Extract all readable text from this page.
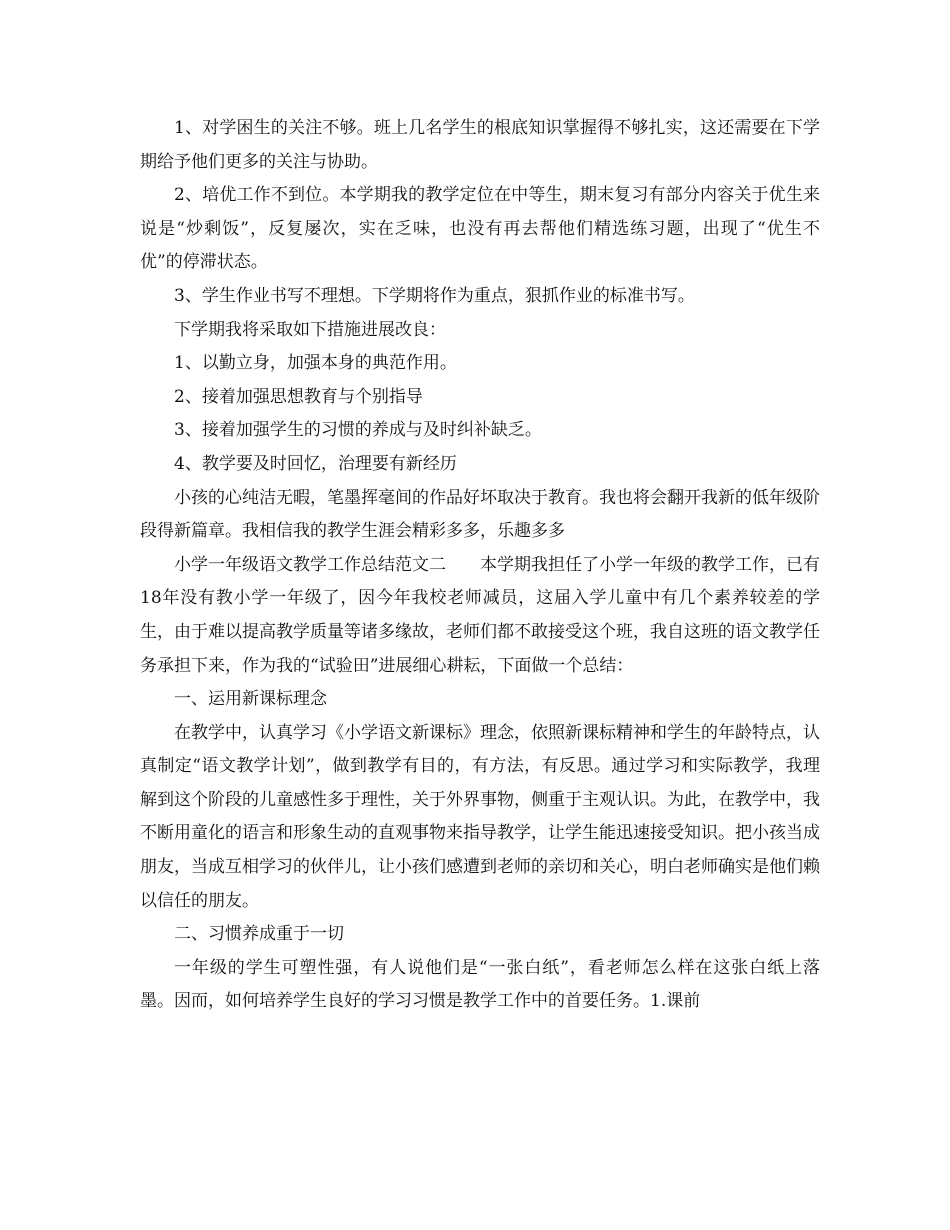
1、对学困生的关注不够。班上几名学生的根底知识掌握得不够扎实，这还需要在下学期给予他们更多的关注与协助。

2、培优工作不到位。本学期我的教学定位在中等生，期末复习有部分内容关于优生来说是“炒剩饭”，反复屡次，实在乏味，也没有再去帮他们精选练习题，出现了“优生不优”的停滞状态。

3、学生作业书写不理想。下学期将作为重点，狠抓作业的标准书写。

下学期我将采取如下措施进展改良：

1、以勤立身，加强本身的典范作用。

2、接着加强思想教育与个别指导

3、接着加强学生的习惯的养成与及时纠补缺乏。

4、教学要及时回忆，治理要有新经历

小孩的心纯洁无暇，笔墨挥毫间的作品好坏取决于教育。我也将会翻开我新的低年级阶段得新篇章。我相信我的教学生涯会精彩多多，乐趣多多

小学一年级语文教学工作总结范文二　　本学期我担任了小学一年级的教学工作，已有18年没有教小学一年级了，因今年我校老师减员，这届入学儿童中有几个素养较差的学生，由于难以提高教学质量等诸多缘故，老师们都不敢接受这个班，我自这班的语文教学任务承担下来，作为我的“试验田”进展细心耕耘，下面做一个总结：

一、运用新课标理念

在教学中，认真学习《小学语文新课标》理念，依照新课标精神和学生的年龄特点，认真制定“语文教学计划”，做到教学有目的，有方法，有反思。通过学习和实际教学，我理解到这个阶段的儿童感性多于理性，关于外界事物，侧重于主观认识。为此，在教学中，我不断用童化的语言和形象生动的直观事物来指导教学，让学生能迅速接受知识。把小孩当成朋友，当成互相学习的伙伴儿，让小孩们感遭到老师的亲切和关心，明白老师确实是他们赖以信任的朋友。

二、习惯养成重于一切

一年级的学生可塑性强，有人说他们是“一张白纸”，看老师怎么样在这张白纸上落墨。因而，如何培养学生良好的学习习惯是教学工作中的首要任务。1.课前
